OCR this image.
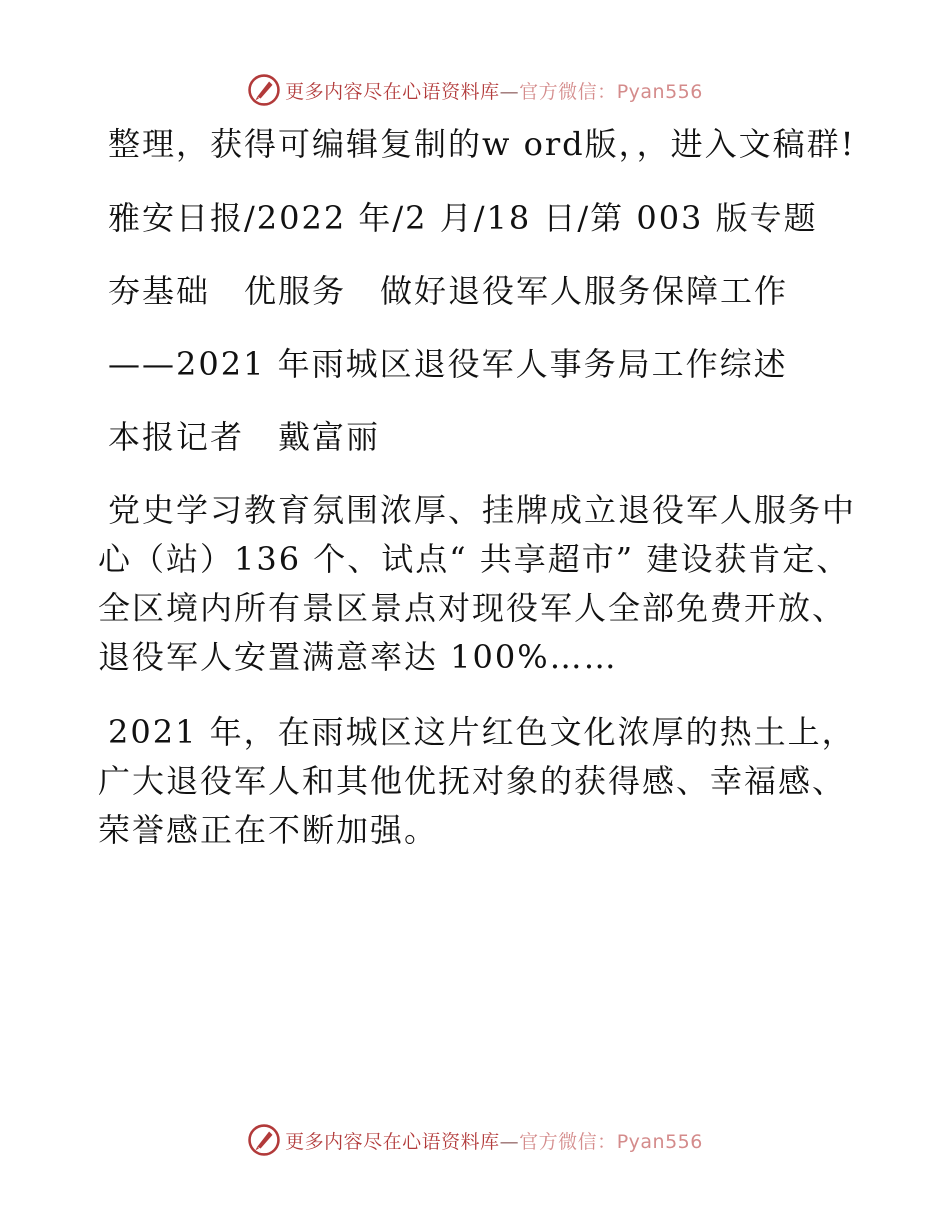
更多内容尽在心语资料库—官方微信：Pyan556

整理，获得可编辑复制的w ord版，，进入文稿群!

雅安日报/2022 年/2 月/18 日/第 003 版专题

夯基础　优服务　做好退役军人服务保障工作

——2021 年雨城区退役军人事务局工作综述

本报记者　戴富丽

党史学习教育氛围浓厚、挂牌成立退役军人服务中心（站）136 个、试点“ 共享超市” 建设获肯定、全区境内所有景区景点对现役军人全部免费开放、退役军人安置满意率达 100%……

2021 年，在雨城区这片红色文化浓厚的热土上，广大退役军人和其他优抚对象的获得感、幸福感、荣誉感正在不断加强。

更多内容尽在心语资料库—官方微信：Pyan556
